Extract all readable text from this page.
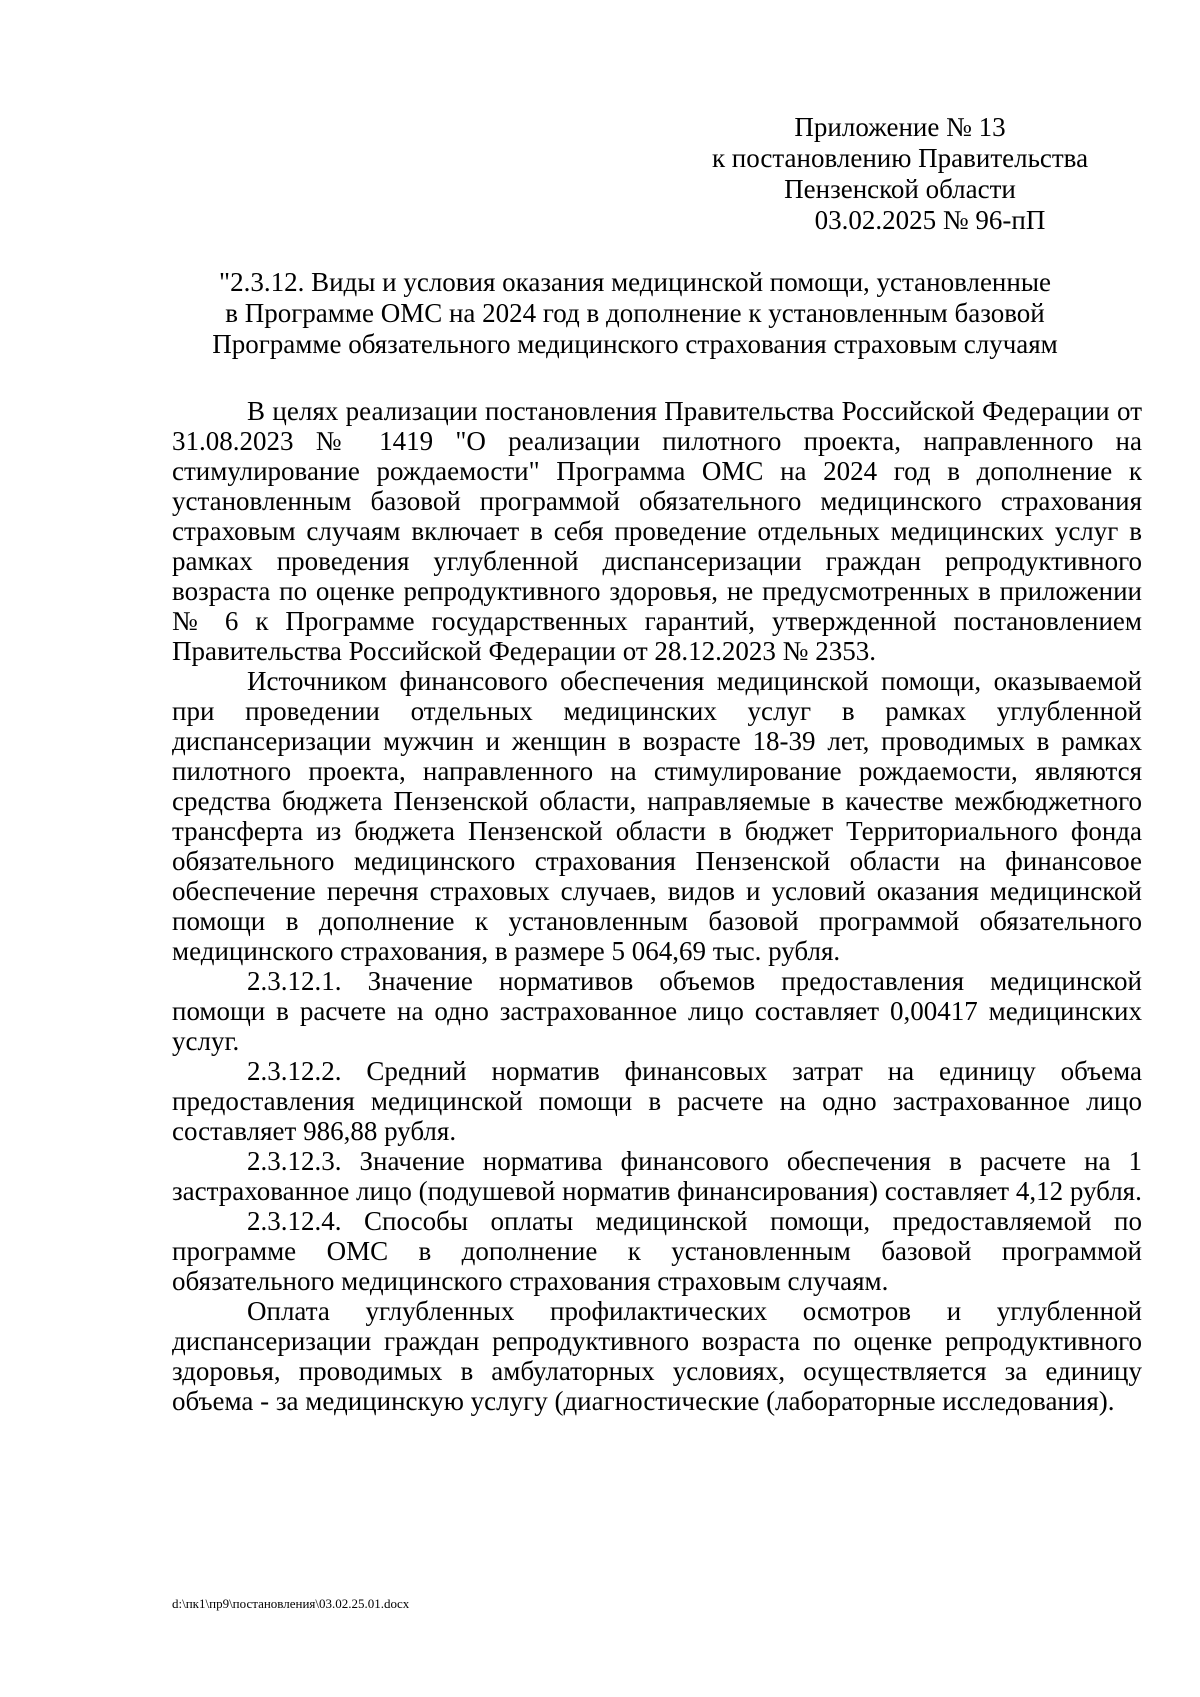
Приложение № 13
к постановлению Правительства
Пензенской области
03.02.2025 № 96-пП
"2.3.12. Виды и условия оказания медицинской помощи, установленные
в Программе ОМС на 2024 год в дополнение к установленным базовой
Программе обязательного медицинского страхования страховым случаям

В целях реализации постановления Правительства Российской Федерации от 31.08.2023 № 1419 "О реализации пилотного проекта, направленного на стимулирование рождаемости" Программа ОМС на 2024 год в дополнение к установленным базовой программой обязательного медицинского страхования страховым случаям включает в себя проведение отдельных медицинских услуг в рамках проведения углубленной диспансеризации граждан репродуктивного возраста по оценке репродуктивного здоровья, не предусмотренных в приложении № 6 к Программе государственных гарантий, утвержденной постановлением Правительства Российской Федерации от 28.12.2023 № 2353.

Источником финансового обеспечения медицинской помощи, оказываемой при проведении отдельных медицинских услуг в рамках углубленной диспансеризации мужчин и женщин в возрасте 18-39 лет, проводимых в рамках пилотного проекта, направленного на стимулирование рождаемости, являются средства бюджета Пензенской области, направляемые в качестве межбюджетного трансферта из бюджета Пензенской области в бюджет Территориального фонда обязательного медицинского страхования Пензенской области на финансовое обеспечение перечня страховых случаев, видов и условий оказания медицинской помощи в дополнение к установленным базовой программой обязательного медицинского страхования, в размере 5 064,69 тыс. рубля.

2.3.12.1. Значение нормативов объемов предоставления медицинской помощи в расчете на одно застрахованное лицо составляет 0,00417 медицинских услуг.

2.3.12.2. Средний норматив финансовых затрат на единицу объема предоставления медицинской помощи в расчете на одно застрахованное лицо составляет 986,88 рубля.

2.3.12.3. Значение норматива финансового обеспечения в расчете на 1 застрахованное лицо (подушевой норматив финансирования) составляет 4,12 рубля.

2.3.12.4. Способы оплаты медицинской помощи, предоставляемой по программе ОМС в дополнение к установленным базовой программой обязательного медицинского страхования страховым случаям.

Оплата углубленных профилактических осмотров и углубленной диспансеризации граждан репродуктивного возраста по оценке репродуктивного здоровья, проводимых в амбулаторных условиях, осуществляется за единицу объема - за медицинскую услугу (диагностические (лабораторные исследования).

d:\пк1\пр9\постановления\03.02.25.01.docx
